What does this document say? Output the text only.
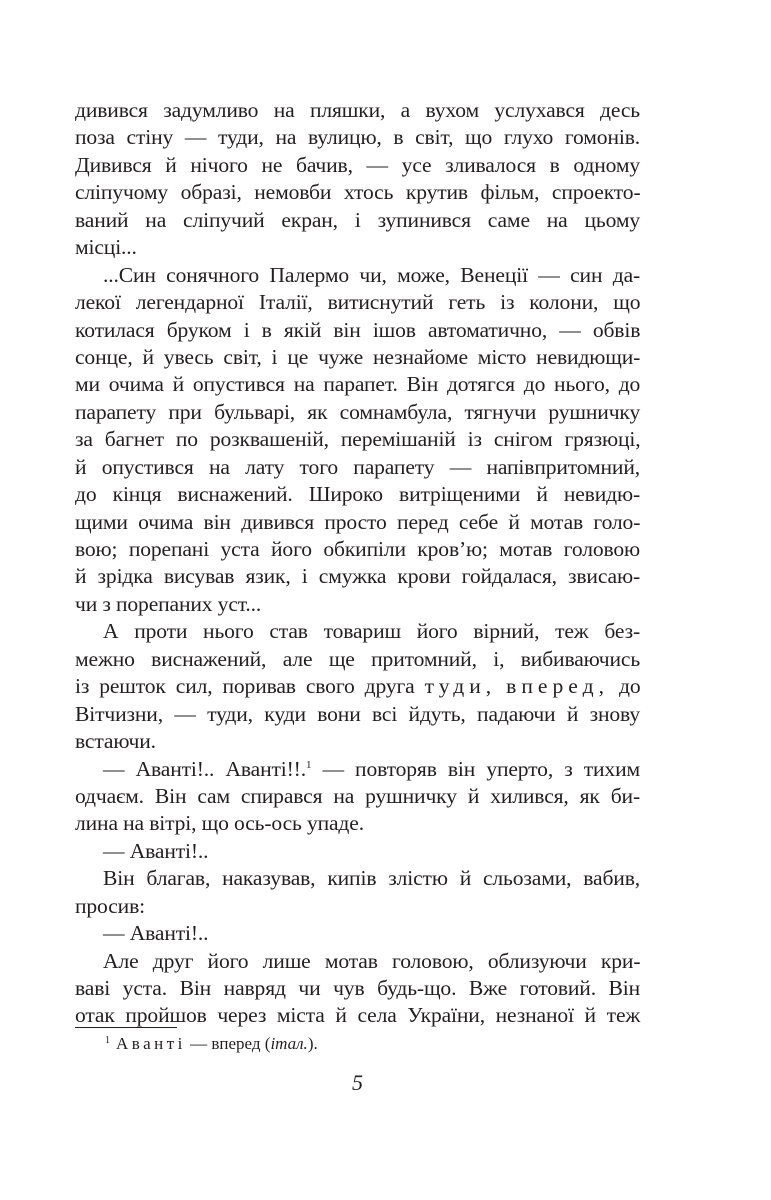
дивився задумливо на пляшки, а вухом услухався десь
поза стіну — туди, на вулицю, в світ, що глухо гомонів.
Дивився й нічого не бачив, — усе зливалося в одному
сліпучому образі, немовби хтось крутив фільм, спроекто-
ваний на сліпучий екран, і зупинився саме на цьому
місці...
...Син сонячного Палермо чи, може, Венеції — син да-
лекої легендарної Італії, витиснутий геть із колони, що
котилася бруком і в якій він ішов автоматично, — обвів
сонце, й увесь світ, і це чуже незнайоме місто невидющи-
ми очима й опустився на парапет. Він дотягся до нього, до
парапету при бульварі, як сомнамбула, тягнучи рушничку
за багнет по розквашеній, перемішаній із снігом грязюці,
й опустився на лату того парапету — напівпритомний,
до кінця виснажений. Широко витріщеними й невидю-
щими очима він дивився просто перед себе й мотав голо-
вою; порепані уста його обкипіли кров’ю; мотав головою
й зрідка висував язик, і смужка крови гойдалася, звисаю-
чи з порепаних уст...
А проти нього став товариш його вірний, теж без-
межно виснажений, але ще притомний, і, вибиваючись
із решток сил, поривав свого друга туди, вперед, до
Вітчизни, — туди, куди вони всі йдуть, падаючи й знову
встаючи.
— Аванті!.. Аванті!!.$^1$ — повторяв він уперто, з тихим
одчаєм. Він сам спирався на рушничку й хилився, як би-
лина на вітрі, що ось-ось упаде.
— Аванті!..
Він благав, наказував, кипів злістю й сльозами, вабив,
просив:
— Аванті!..
Але друг його лише мотав головою, облизуючи кри-
ваві уста. Він навряд чи чув будь-що. Вже готовий. Він
отак пройшов через міста й села України, незнаної й теж
$^1$ Аванті — вперед (італ.).
5
